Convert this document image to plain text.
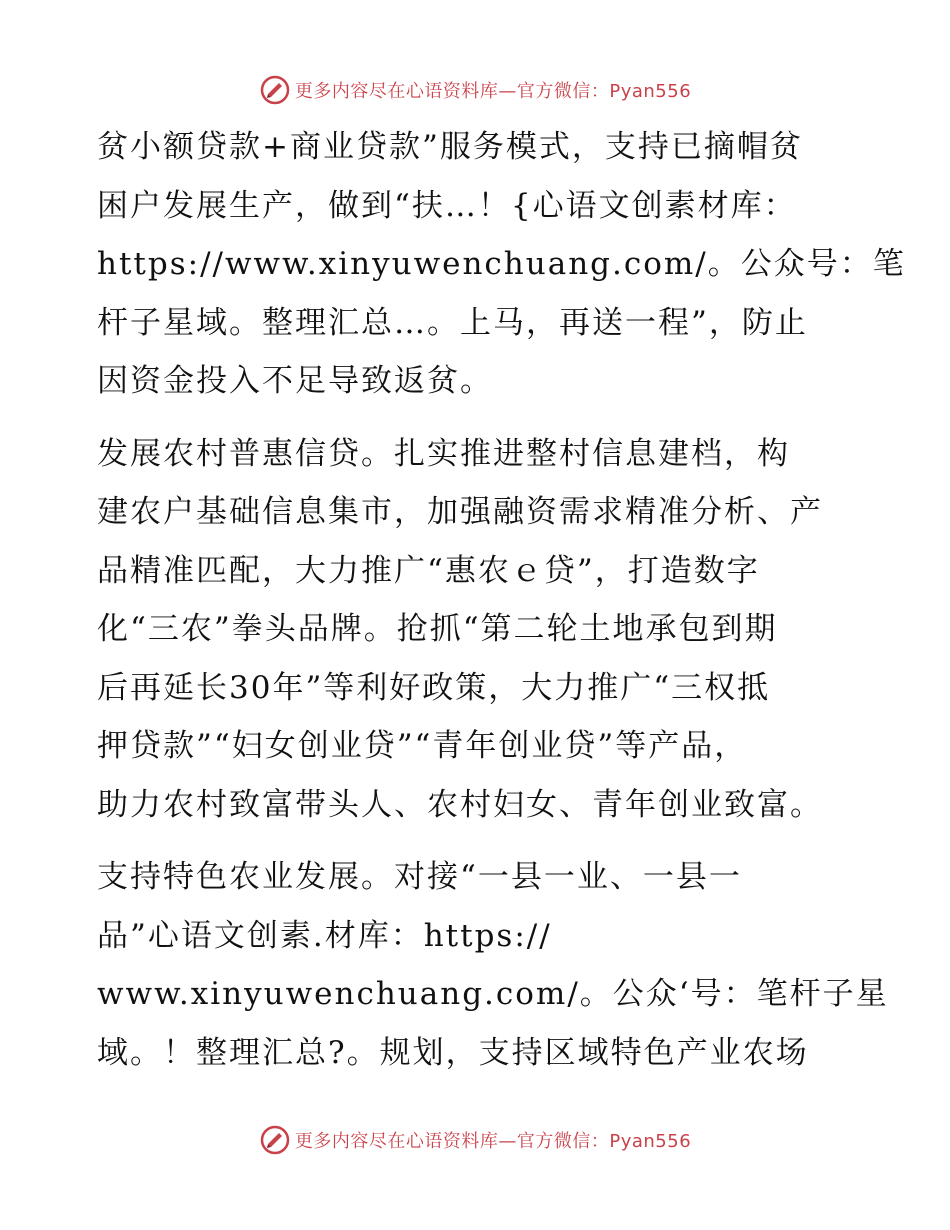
更多内容尽在心语资料库—官方微信：Pyan556
贫小额贷款+商业贷款”服务模式，支持已摘帽贫
困户发展生产，做到“扶…！{心语文创素材库：
https://www.xinyuwenchuang.com/。公众号：笔
杆子星域。整理汇总…。上马，再送一程”，防止
因资金投入不足导致返贫。
发展农村普惠信贷。扎实推进整村信息建档，构
建农户基础信息集市，加强融资需求精准分析、产
品精准匹配，大力推广“惠农ｅ贷”，打造数字
化“三农”拳头品牌。抢抓“第二轮土地承包到期
后再延长30年”等利好政策，大力推广“三权抵
押贷款”“妇女创业贷”“青年创业贷”等产品，
助力农村致富带头人、农村妇女、青年创业致富。
支持特色农业发展。对接“一县一业、一县一
品”心语文创素.材库：https://
www.xinyuwenchuang.com/。公众‘号：笔杆子星
域。！整理汇总?。规划，支持区域特色产业农场
更多内容尽在心语资料库—官方微信：Pyan556
